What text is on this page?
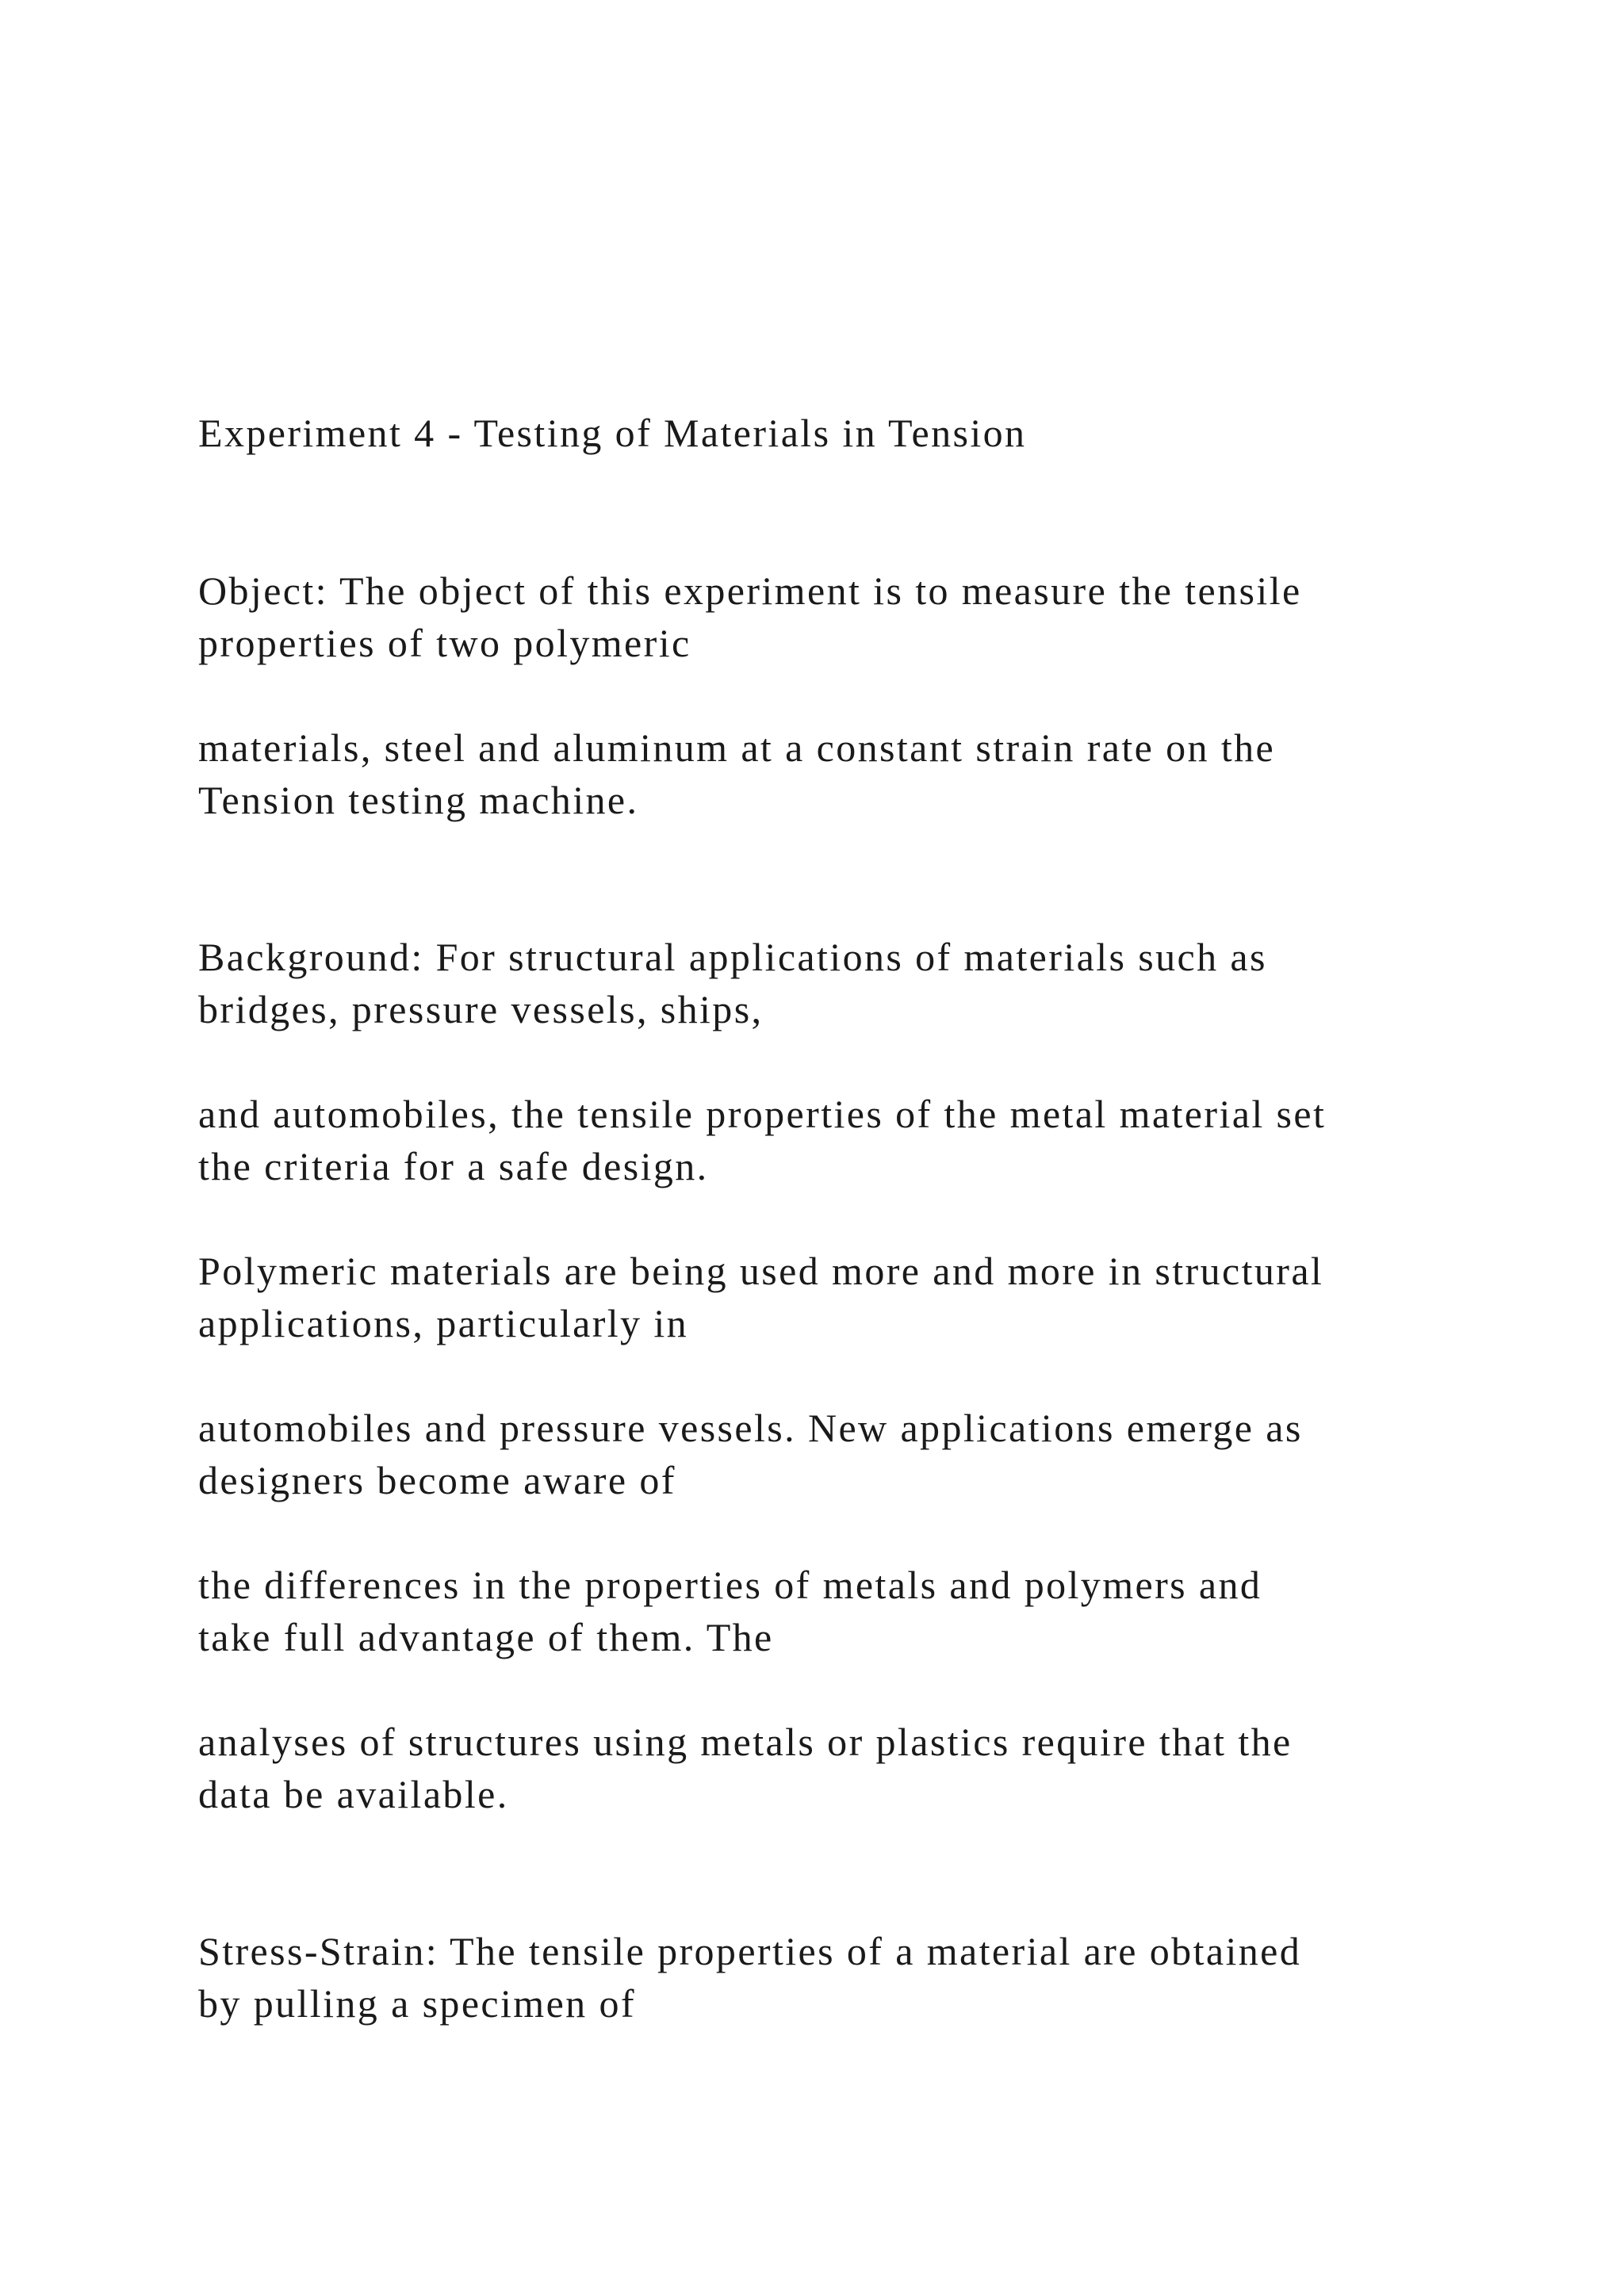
Experiment 4 - Testing of Materials in Tension

Object: The object of this experiment is to measure the tensile

properties of two polymeric

materials, steel and aluminum at a constant strain rate on the

Tension testing machine.

Background: For structural applications of materials such as

bridges, pressure vessels, ships,

and automobiles, the tensile properties of the metal material set

the criteria for a safe design.

Polymeric materials are being used more and more in structural

applications, particularly in

automobiles and pressure vessels. New applications emerge as

designers become aware of

the differences in the properties of metals and polymers and

take full advantage of them. The

analyses of structures using metals or plastics require that the

data be available.

Stress-Strain: The tensile properties of a material are obtained

by pulling a specimen of
